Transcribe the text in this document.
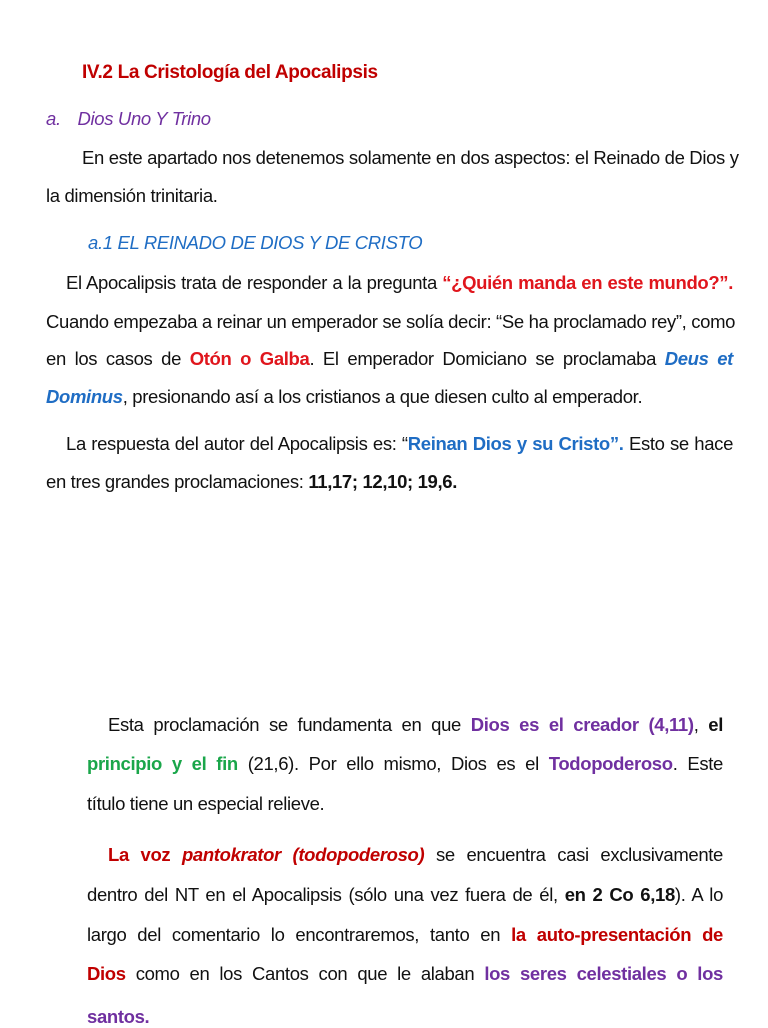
IV.2 La Cristología del Apocalipsis
a. Dios Uno Y Trino
En este apartado nos detenemos solamente en dos aspectos: el Reinado de Dios y
la dimensión trinitaria.
a.1 EL REINADO DE DIOS Y DE CRISTO
El Apocalipsis trata de responder a la pregunta “¿Quién manda en este mundo?”.
Cuando empezaba a reinar un emperador se solía decir: “Se ha proclamado rey”, como
en los casos de Otón o Galba. El emperador Domiciano se proclamaba Deus et
Dominus, presionando así a los cristianos a que diesen culto al emperador.
La respuesta del autor del Apocalipsis es: “Reinan Dios y su Cristo”. Esto se hace
en tres grandes proclamaciones: 11,17; 12,10; 19,6.
Esta proclamación se fundamenta en que Dios es el creador (4,11), el
principio y el fin (21,6). Por ello mismo, Dios es el Todopoderoso. Este
título tiene un especial relieve.
La voz pantokrator (todopoderoso) se encuentra casi exclusivamente
dentro del NT en el Apocalipsis (sólo una vez fuera de él, en 2 Co 6,18). A lo
largo del comentario lo encontraremos, tanto en la auto-presentación de
Dios como en los Cantos con que le alaban los seres celestiales o los
santos.
